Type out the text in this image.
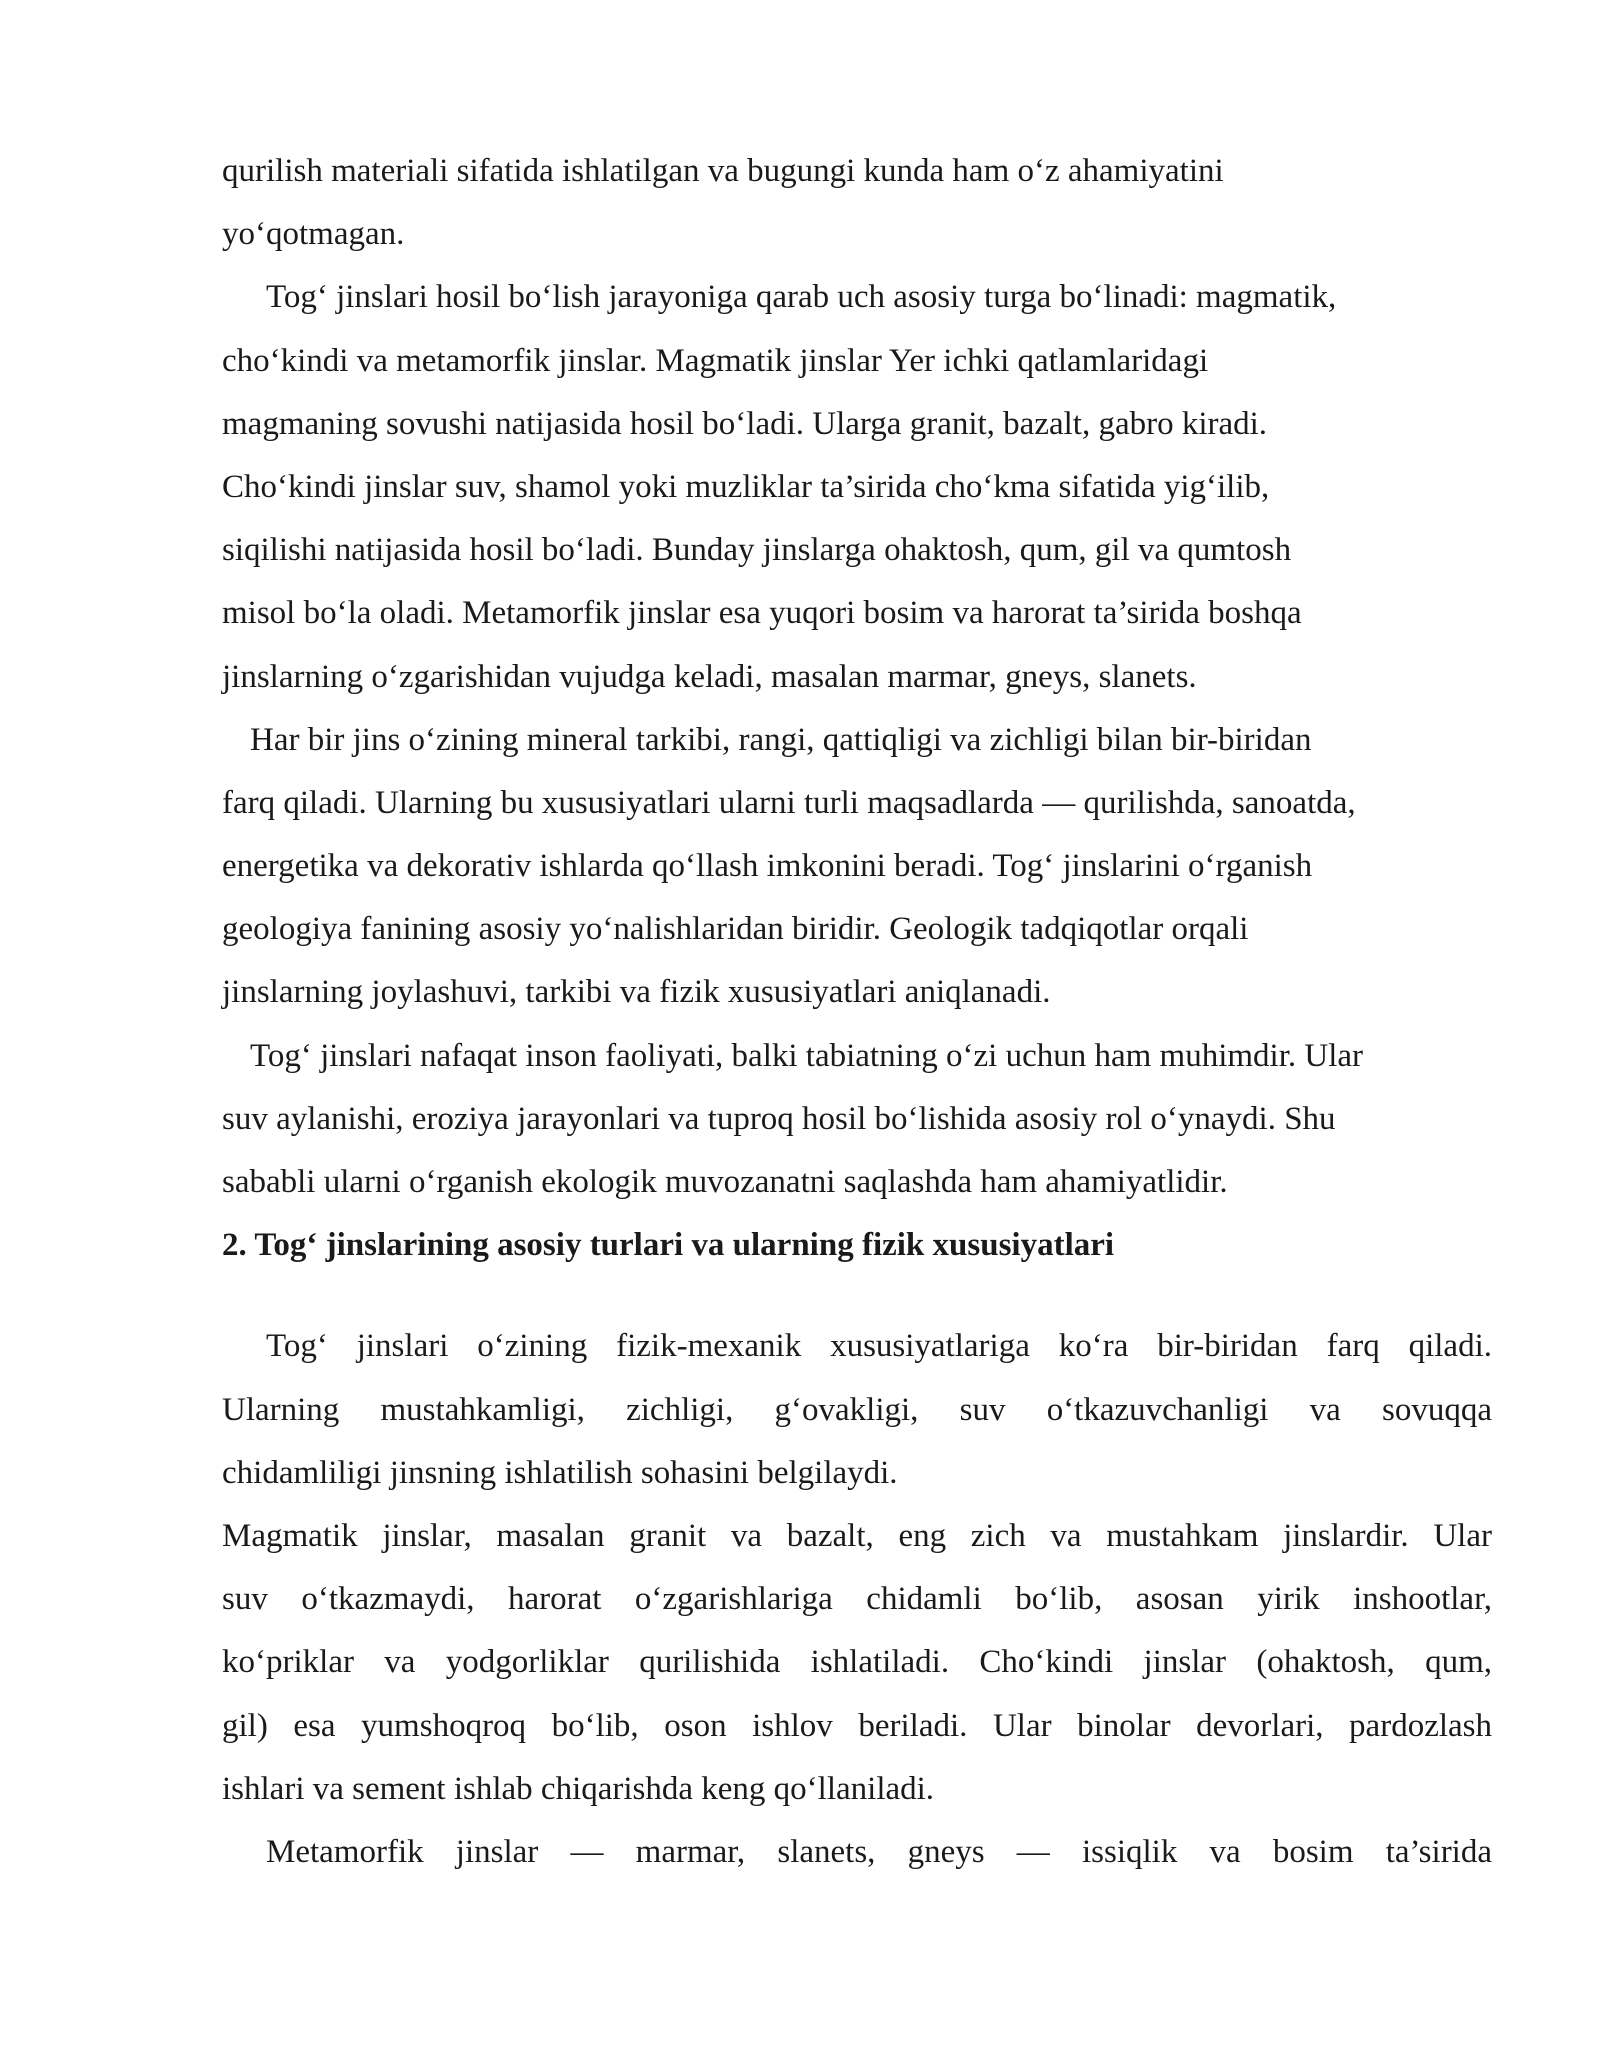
qurilish materiali sifatida ishlatilgan va bugungi kunda ham o‘z ahamiyatini
yo‘qotmagan.
Tog‘ jinslari hosil bo‘lish jarayoniga qarab uch asosiy turga bo‘linadi: magmatik,
cho‘kindi va metamorfik jinslar. Magmatik jinslar Yer ichki qatlamlaridagi
magmaning sovushi natijasida hosil bo‘ladi. Ularga granit, bazalt, gabro kiradi.
Cho‘kindi jinslar suv, shamol yoki muzliklar ta’sirida cho‘kma sifatida yig‘ilib,
siqilishi natijasida hosil bo‘ladi. Bunday jinslarga ohaktosh, qum, gil va qumtosh
misol bo‘la oladi. Metamorfik jinslar esa yuqori bosim va harorat ta’sirida boshqa
jinslarning o‘zgarishidan vujudga keladi, masalan marmar, gneys, slanets.
Har bir jins o‘zining mineral tarkibi, rangi, qattiqligi va zichligi bilan bir-biridan
farq qiladi. Ularning bu xususiyatlari ularni turli maqsadlarda — qurilishda, sanoatda,
energetika va dekorativ ishlarda qo‘llash imkonini beradi. Tog‘ jinslarini o‘rganish
geologiya fanining asosiy yo‘nalishlaridan biridir. Geologik tadqiqotlar orqali
jinslarning joylashuvi, tarkibi va fizik xususiyatlari aniqlanadi.
Tog‘ jinslari nafaqat inson faoliyati, balki tabiatning o‘zi uchun ham muhimdir. Ular
suv aylanishi, eroziya jarayonlari va tuproq hosil bo‘lishida asosiy rol o‘ynaydi. Shu
sababli ularni o‘rganish ekologik muvozanatni saqlashda ham ahamiyatlidir.
2. Tog‘ jinslarining asosiy turlari va ularning fizik xususiyatlari
Tog‘ jinslari o‘zining fizik-mexanik xususiyatlariga ko‘ra bir-biridan farq qiladi.
Ularning mustahkamligi, zichligi, g‘ovakligi, suv o‘tkazuvchanligi va sovuqqa
chidamliligi jinsning ishlatilish sohasini belgilaydi.
Magmatik jinslar, masalan granit va bazalt, eng zich va mustahkam jinslardir. Ular
suv o‘tkazmaydi, harorat o‘zgarishlariga chidamli bo‘lib, asosan yirik inshootlar,
ko‘priklar va yodgorliklar qurilishida ishlatiladi. Cho‘kindi jinslar (ohaktosh, qum,
gil) esa yumshoqroq bo‘lib, oson ishlov beriladi. Ular binolar devorlari, pardozlash
ishlari va sement ishlab chiqarishda keng qo‘llaniladi.
Metamorfik jinslar — marmar, slanets, gneys — issiqlik va bosim ta’sirida
